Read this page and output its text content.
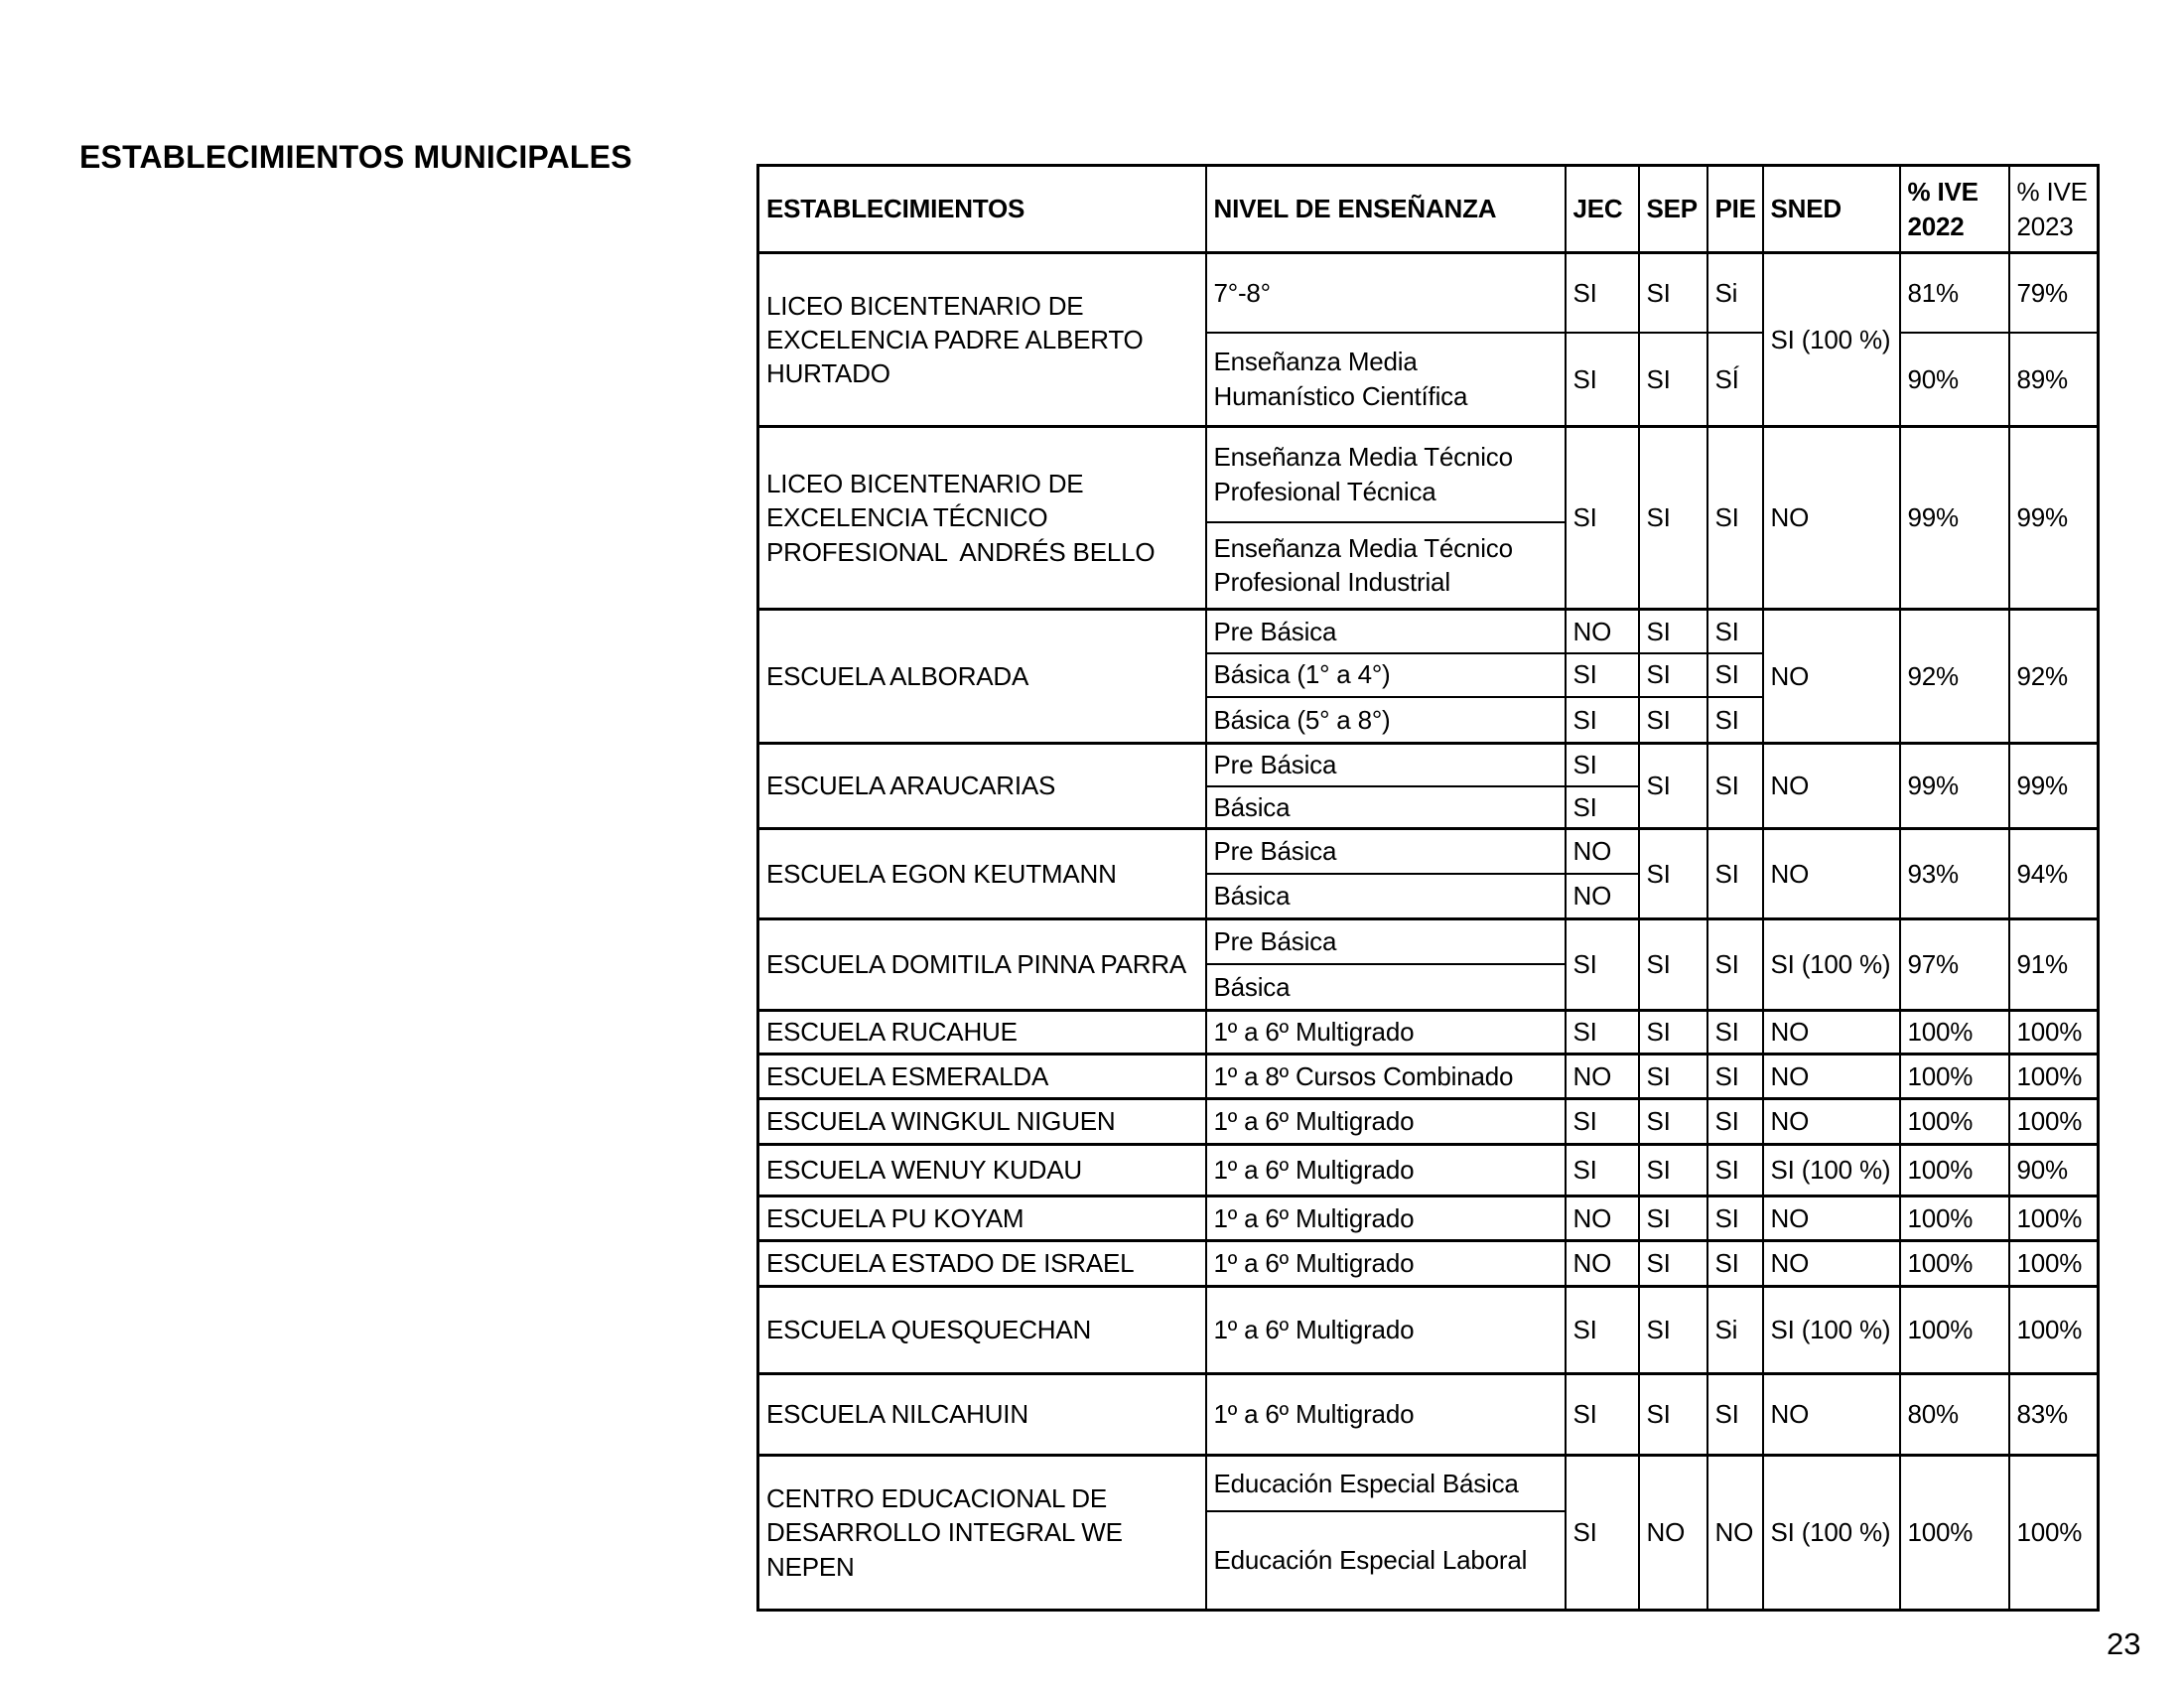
ESTABLECIMIENTOS MUNICIPALES
ESTABLECIMIENTOS	NIVEL DE ENSEÑANZA	JEC	SEP	PIE	SNED	% IVE 2022	% IVE 2023
LICEO BICENTENARIO DE EXCELENCIA PADRE ALBERTO HURTADO	7°-8°	SI	SI	Si	SI (100 %)	81%	79%
	Enseñanza Media Humanístico Científica	SI	SI	SÍ		90%	89%
LICEO BICENTENARIO DE EXCELENCIA TÉCNICO PROFESIONAL  ANDRÉS BELLO	Enseñanza Media Técnico Profesional Técnica	SI	SI	SI	NO	99%	99%
	Enseñanza Media Técnico Profesional Industrial						
ESCUELA ALBORADA	Pre Básica	NO	SI	SI	NO	92%	92%
	Básica (1° a 4°)	SI	SI	SI			
	Básica (5° a 8°)	SI	SI	SI			
ESCUELA ARAUCARIAS	Pre Básica	SI	SI	SI	NO	99%	99%
	Básica	SI					
ESCUELA EGON KEUTMANN	Pre Básica	NO	SI	SI	NO	93%	94%
	Básica	NO					
ESCUELA DOMITILA PINNA PARRA	Pre Básica	SI	SI	SI	SI (100 %)	97%	91%
	Básica						
ESCUELA RUCAHUE	1º a 6º Multigrado	SI	SI	SI	NO	100%	100%
ESCUELA ESMERALDA	1º a 8º Cursos Combinado	NO	SI	SI	NO	100%	100%
ESCUELA WINGKUL NIGUEN	1º a 6º Multigrado	SI	SI	SI	NO	100%	100%
ESCUELA WENUY KUDAU	1º a 6º Multigrado	SI	SI	SI	SI (100 %)	100%	90%
ESCUELA PU KOYAM	1º a 6º Multigrado	NO	SI	SI	NO	100%	100%
ESCUELA ESTADO DE ISRAEL	1º a 6º Multigrado	NO	SI	SI	NO	100%	100%
ESCUELA QUESQUECHAN	1º a 6º Multigrado	SI	SI	Si	SI (100 %)	100%	100%
ESCUELA NILCAHUIN	1º a 6º Multigrado	SI	SI	SI	NO	80%	83%
CENTRO EDUCACIONAL DE DESARROLLO INTEGRAL WE NEPEN	Educación Especial Básica	SI	NO	NO	SI (100 %)	100%	100%
	Educación Especial Laboral						
23
